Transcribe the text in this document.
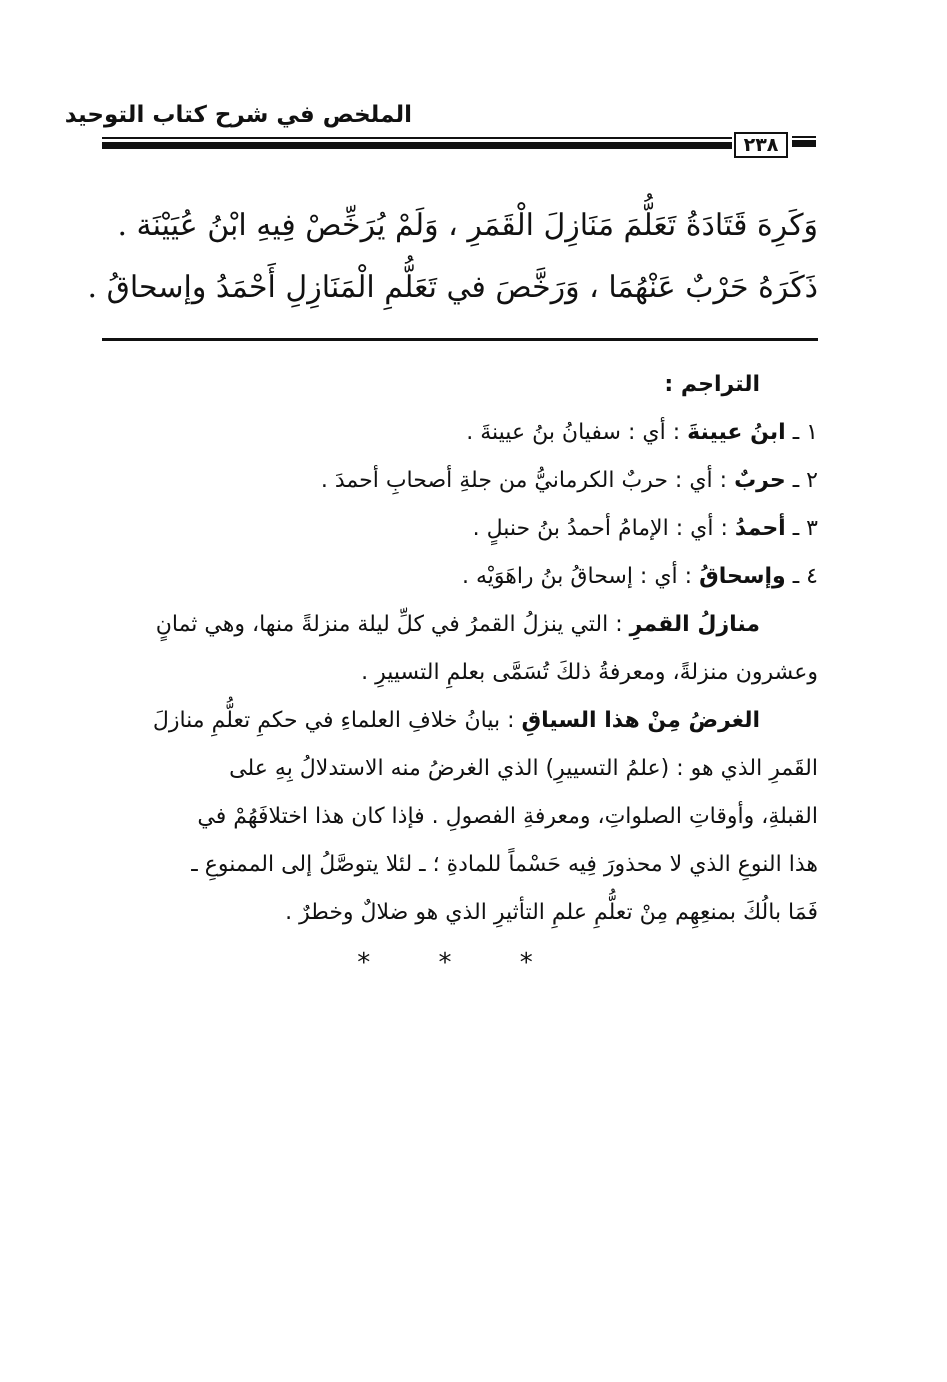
الملخص في شرح كتاب التوحيد
٢٣٨
وَكَرِهَ قَتَادَةُ تَعَلُّمَ مَنَازِلَ الْقَمَرِ ، وَلَمْ يُرَخِّصْ فِيهِ ابْنُ عُيَيْنَة .
ذَكَرَهُ حَرْبٌ عَنْهُمَا ، وَرَخَّصَ في تَعَلُّمِ الْمَنَازِلِ أَحْمَدُ وإسحاقُ .
التراجم :
١ ـ ابنُ عيينةَ : أي : سفيانُ بنُ عيينةَ .
٢ ـ حربٌ : أي : حربٌ الكرمانيُّ من جلةِ أصحابِ أحمدَ .
٣ ـ أحمدُ : أي : الإمامُ أحمدُ بنُ حنبلٍ .
٤ ـ وإسحاقُ : أي : إسحاقُ بنُ راهَوَيْه .
منازلُ القمرِ : التي ينزلُ القمرُ في كلِّ ليلة منزلةً منها، وهي ثمانٍ
وعشرون منزلةً، ومعرفةُ ذلكَ تُسَمَّى بعلمِ التسييرِ .
الغرضُ مِنْ هذا السياقِ : بيانُ خلافِ العلماءِ في حكمِ تعلُّمِ منازلَ
القَمرِ الذي هو : (علمُ التسييرِ) الذي الغرضُ منه الاستدلالُ بِهِ على
القبلةِ، وأوقاتِ الصلواتِ، ومعرفةِ الفصولِ . فإذا كان هذا اختلافَهُمْ في
هذا النوعِ الذي لا محذورَ فِيه حَسْماً للمادةِ ؛ ـ لئلا يتوصَّلُ إلى الممنوعِ ـ
فَمَا بالُكَ بمنعِهِم مِنْ تعلُّمِ علمِ التأثيرِ الذي هو ضلالٌ وخطرٌ .
* * *
